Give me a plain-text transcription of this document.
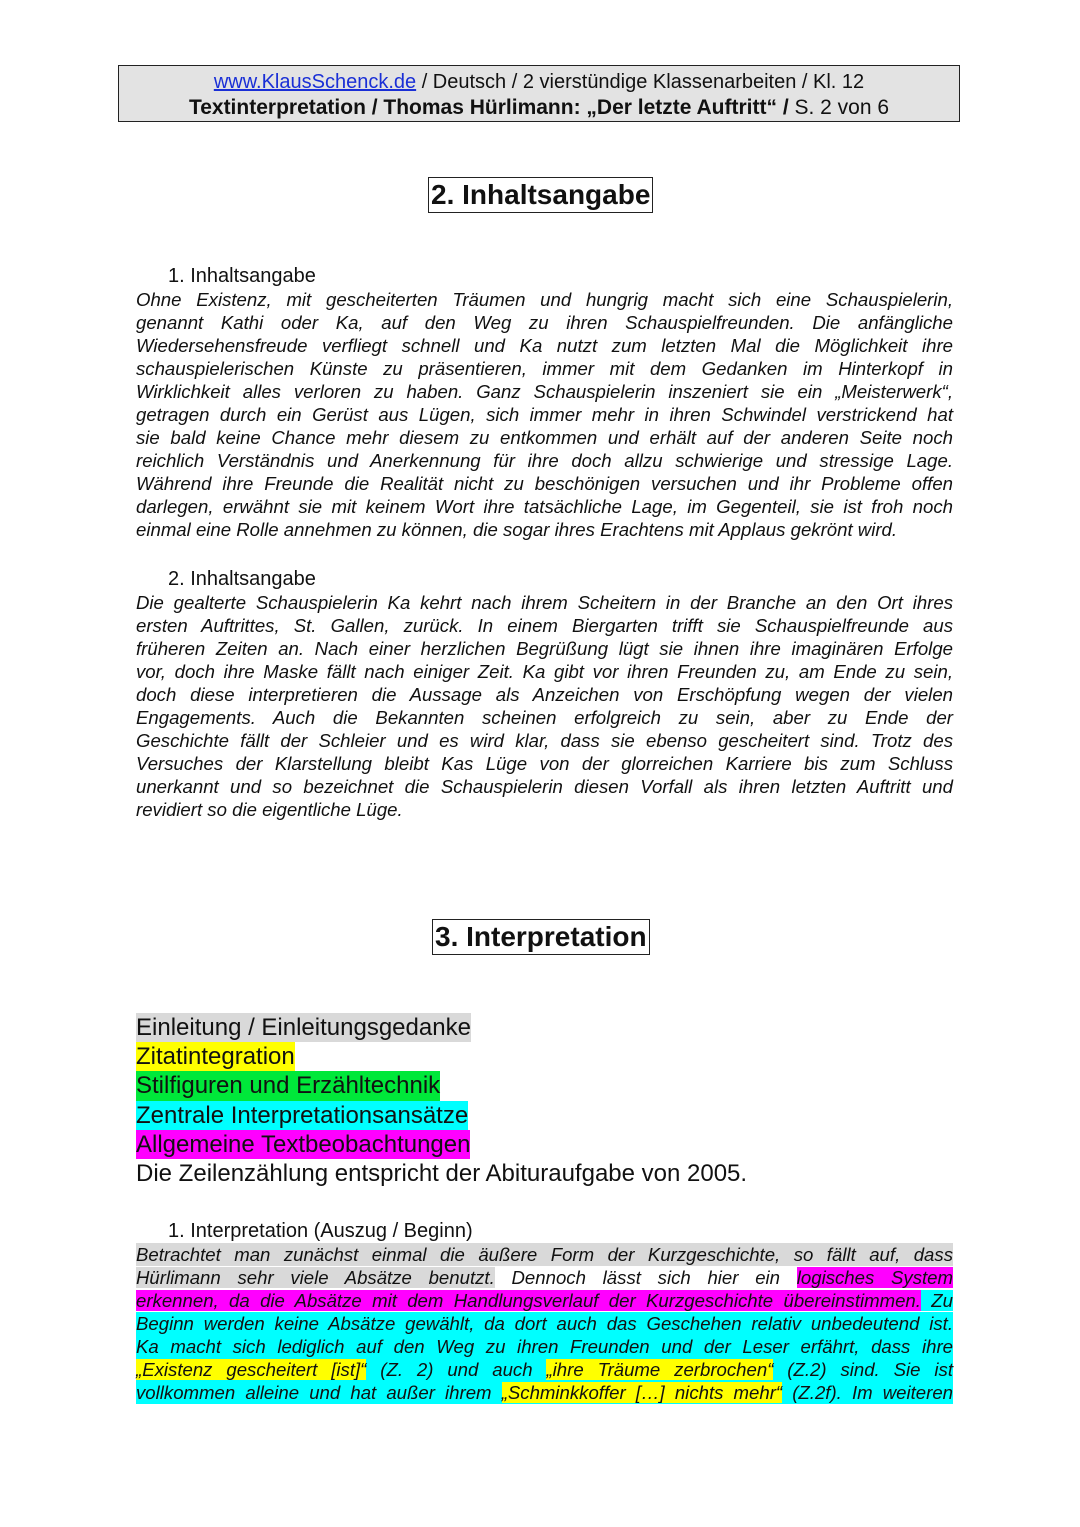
www.KlausSchenck.de / Deutsch / 2 vierstündige Klassenarbeiten / Kl. 12
Textinterpretation / Thomas Hürlimann: „Der letzte Auftritt“ / S. 2 von 6
2. Inhaltsangabe
1. Inhaltsangabe
Ohne Existenz, mit gescheiterten Träumen und hungrig macht sich eine Schauspielerin,
genannt Kathi oder Ka, auf den Weg zu ihren Schauspielfreunden. Die anfängliche
Wiedersehensfreude verfliegt schnell und Ka nutzt zum letzten Mal die Möglichkeit ihre
schauspielerischen Künste zu präsentieren, immer mit dem Gedanken im Hinterkopf in
Wirklichkeit alles verloren zu haben. Ganz Schauspielerin inszeniert sie ein „Meisterwerk“,
getragen durch ein Gerüst aus Lügen, sich immer mehr in ihren Schwindel verstrickend hat
sie bald keine Chance mehr diesem zu entkommen und erhält auf der anderen Seite noch
reichlich Verständnis und Anerkennung für ihre doch allzu schwierige und stressige Lage.
Während ihre Freunde die Realität nicht zu beschönigen versuchen und ihr Probleme offen
darlegen, erwähnt sie mit keinem Wort ihre tatsächliche Lage, im Gegenteil, sie ist froh noch
einmal eine Rolle annehmen zu können, die sogar ihres Erachtens mit Applaus gekrönt wird.
2. Inhaltsangabe
Die gealterte Schauspielerin Ka kehrt nach ihrem Scheitern in der Branche an den Ort ihres
ersten Auftrittes, St. Gallen, zurück. In einem Biergarten trifft sie Schauspielfreunde aus
früheren Zeiten an. Nach einer herzlichen Begrüßung lügt sie ihnen ihre imaginären Erfolge
vor, doch ihre Maske fällt nach einiger Zeit. Ka gibt vor ihren Freunden zu, am Ende zu sein,
doch diese interpretieren die Aussage als Anzeichen von Erschöpfung wegen der vielen
Engagements. Auch die Bekannten scheinen erfolgreich zu sein, aber zu Ende der
Geschichte fällt der Schleier und es wird klar, dass sie ebenso gescheitert sind. Trotz des
Versuches der Klarstellung bleibt Kas Lüge von der glorreichen Karriere bis zum Schluss
unerkannt und so bezeichnet die Schauspielerin diesen Vorfall als ihren letzten Auftritt und
revidiert so die eigentliche Lüge.
3. Interpretation
Einleitung / Einleitungsgedanke
Zitatintegration
Stilfiguren und Erzähltechnik
Zentrale Interpretationsansätze
Allgemeine Textbeobachtungen
Die Zeilenzählung entspricht der Abituraufgabe von 2005.
1. Interpretation (Auszug / Beginn)
Betrachtet man zunächst einmal die äußere Form der Kurzgeschichte, so fällt auf, dass
Hürlimann sehr viele Absätze benutzt. Dennoch lässt sich hier ein logisches System
erkennen, da die Absätze mit dem Handlungsverlauf der Kurzgeschichte übereinstimmen. Zu
Beginn werden keine Absätze gewählt, da dort auch das Geschehen relativ unbedeutend ist.
Ka macht sich lediglich auf den Weg zu ihren Freunden und der Leser erfährt, dass ihre
„Existenz gescheitert [ist]“ (Z. 2) und auch „ihre Träume zerbrochen“ (Z.2) sind. Sie ist
vollkommen alleine und hat außer ihrem „Schminkkoffer […] nichts mehr“ (Z.2f). Im weiteren
